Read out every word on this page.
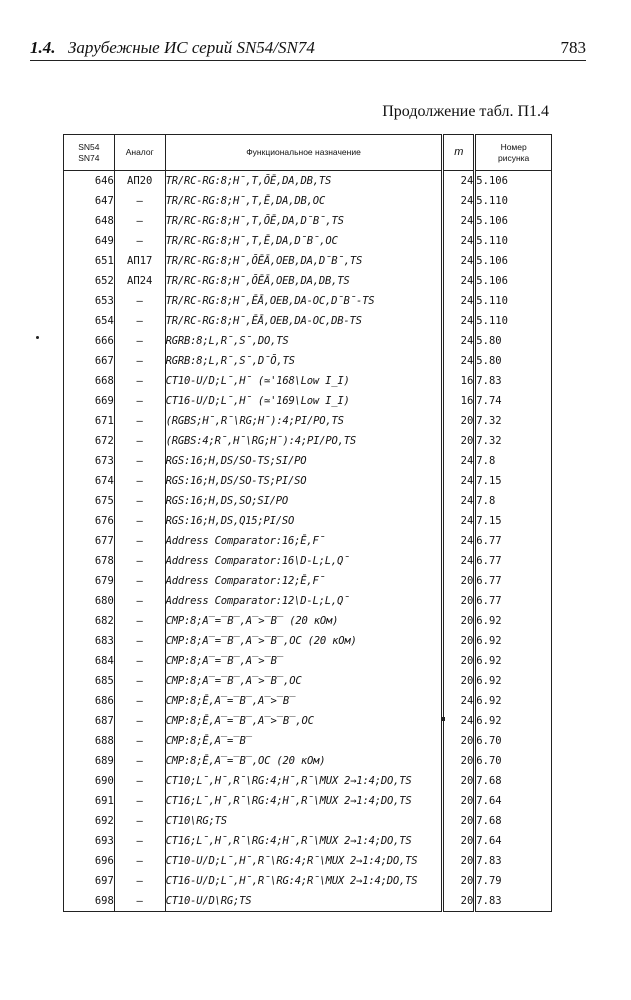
1.4. Зарубежные ИС серий SN54/SN74	783
Продолжение табл. П1.4
SN54
SN74	Аналог	Функциональное назначение	m	Номер
рисунка
646	АП20	TR/RC-RG:8;H̄,T,ŌĒ,DA,DB,TS	24	5.106
647	–	TR/RC-RG:8;H̄,T,Ē,DA,DB,OC	24	5.110
648	–	TR/RC-RG:8;H̄,T,ŌĒ,DA,D̄B̄,TS	24	5.106
649	–	TR/RC-RG:8;H̄,T,Ē,DA,D̄B̄,OC	24	5.110
651	АП17	TR/RC-RG:8;H̄,ŌĒĀ,OEB,DA,D̄B̄,TS	24	5.106
652	АП24	TR/RC-RG:8;H̄,ŌĒĀ,OEB,DA,DB,TS	24	5.106
653	–	TR/RC-RG:8;H̄,ĒĀ,OEB,DA-OC,D̄B̄-TS	24	5.110
654	–	TR/RC-RG:8;H̄,ĒĀ,OEB,DA-OC,DB-TS	24	5.110
666	–	RGRB:8;L,R̄,S̄,DO,TS	24	5.80
667	–	RGRB:8;L,R̄,S̄,D̄Ō,TS	24	5.80
668	–	CT10-U/D;L̄,H̄ (≃'168\Low I_I)	16	7.83
669	–	CT16-U/D;L̄,H̄ (≃'169\Low I_I)	16	7.74
671	–	(RGBS;H̄,R̄\RG;H̄):4;PI/PO,TS	20	7.32
672	–	(RGBS:4;R̄,H̄\RG;H̄):4;PI/PO,TS	20	7.32
673	–	RGS:16;H,DS/SO-TS;SI/PO	24	7.8
674	–	RGS:16;H,DS/SO-TS;PI/SO	24	7.15
675	–	RGS:16;H,DS,SO;SI/PO	24	7.8
676	–	RGS:16;H,DS,Q15;PI/SO	24	7.15
677	–	Address Comparator:16;Ē,F̄	24	6.77
678	–	Address Comparator:16\D-L;L,Q̄	24	6.77
679	–	Address Comparator:12;Ē,F̄	20	6.77
680	–	Address Comparator:12\D-L;L,Q̄	20	6.77
682	–	CMP:8;A̅=̅B̅,A̅>̅B̅ (20 кОм)	20	6.92
683	–	CMP:8;A̅=̅B̅,A̅>̅B̅,OC (20 кОм)	20	6.92
684	–	CMP:8;A̅=̅B̅,A̅>̅B̅	20	6.92
685	–	CMP:8;A̅=̅B̅,A̅>̅B̅,OC	20	6.92
686	–	CMP:8;Ē,A̅=̅B̅,A̅>̅B̅	24	6.92
687	–	CMP:8;Ē,A̅=̅B̅,A̅>̅B̅,OC	24	6.92
688	–	CMP:8;Ē,A̅=̅B̅	20	6.70
689	–	CMP:8;Ē,A̅=̅B̅,OC (20 кОм)	20	6.70
690	–	CT10;L̄,H̄,R̄\RG:4;H̄,R̄\MUX 2→1:4;DO,TS	20	7.68
691	–	CT16;L̄,H̄,R̄\RG:4;H̄,R̄\MUX 2→1:4;DO,TS	20	7.64
692	–	CT10\RG;TS	20	7.68
693	–	CT16;L̄,H̄,R̄\RG:4;H̄,R̄\MUX 2→1:4;DO,TS	20	7.64
696	–	CT10-U/D;L̄,H̄,R̄\RG:4;R̄\MUX 2→1:4;DO,TS	20	7.83
697	–	CT16-U/D;L̄,H̄,R̄\RG:4;R̄\MUX 2→1:4;DO,TS	20	7.79
698	–	CT10-U/D\RG;TS	20	7.83
